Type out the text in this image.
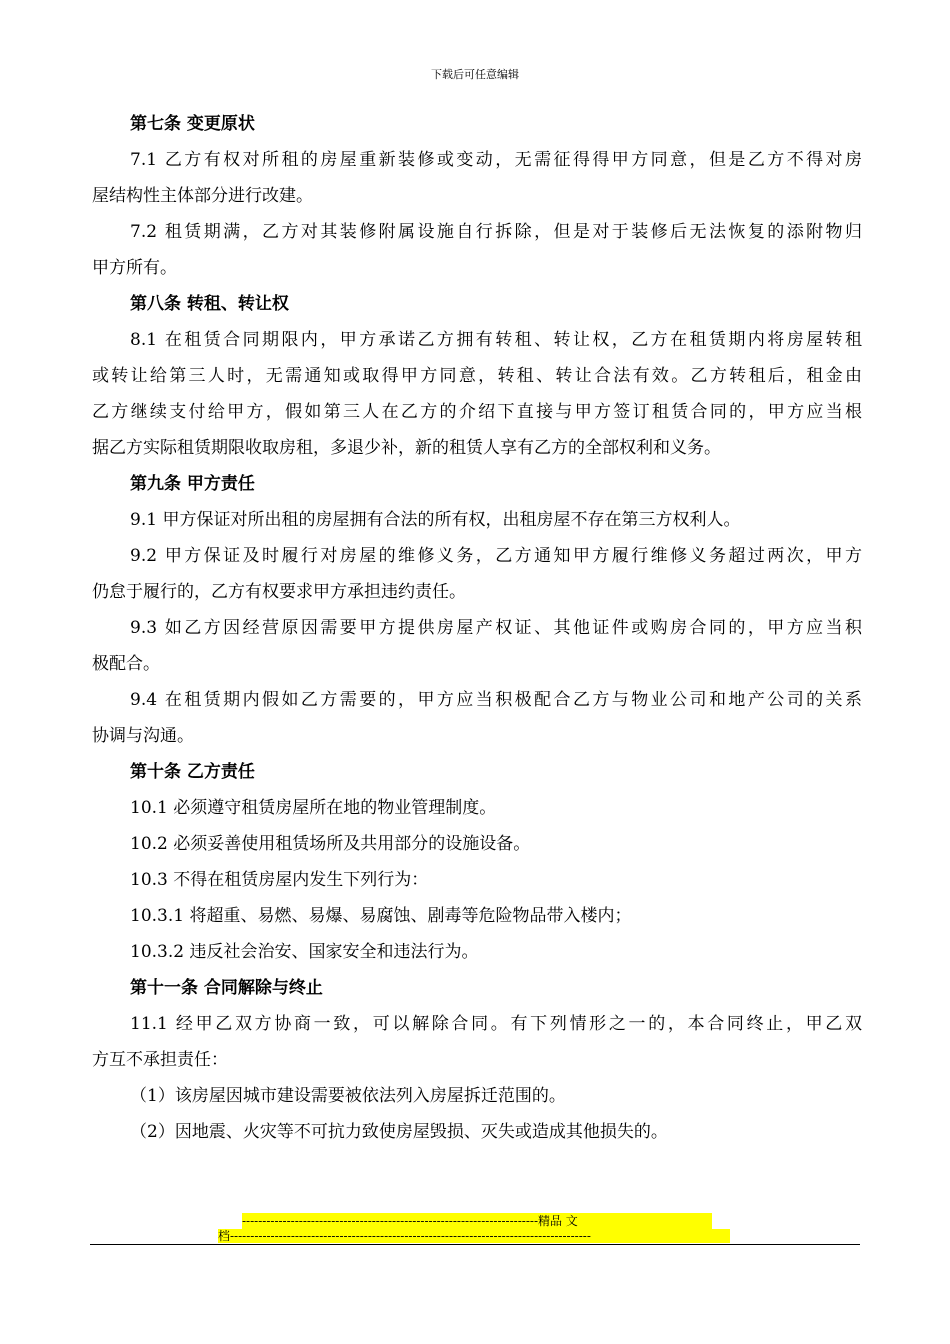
下载后可任意编辑
第七条 变更原状
7.1 乙方有权对所租的房屋重新装修或变动，无需征得得甲方同意，但是乙方不得对房
屋结构性主体部分进行改建。
7.2 租赁期满，乙方对其装修附属设施自行拆除，但是对于装修后无法恢复的添附物归
甲方所有。
第八条 转租、转让权
8.1 在租赁合同期限内，甲方承诺乙方拥有转租、转让权，乙方在租赁期内将房屋转租
或转让给第三人时，无需通知或取得甲方同意，转租、转让合法有效。乙方转租后，租金由
乙方继续支付给甲方，假如第三人在乙方的介绍下直接与甲方签订租赁合同的，甲方应当根
据乙方实际租赁期限收取房租，多退少补，新的租赁人享有乙方的全部权利和义务。
第九条 甲方责任
9.1 甲方保证对所出租的房屋拥有合法的所有权，出租房屋不存在第三方权利人。
9.2 甲方保证及时履行对房屋的维修义务，乙方通知甲方履行维修义务超过两次，甲方
仍怠于履行的，乙方有权要求甲方承担违约责任。
9.3 如乙方因经营原因需要甲方提供房屋产权证、其他证件或购房合同的，甲方应当积
极配合。
9.4 在租赁期内假如乙方需要的，甲方应当积极配合乙方与物业公司和地产公司的关系
协调与沟通。
第十条 乙方责任
10.1 必须遵守租赁房屋所在地的物业管理制度。
10.2 必须妥善使用租赁场所及共用部分的设施设备。
10.3 不得在租赁房屋内发生下列行为：
10.3.1 将超重、易燃、易爆、易腐蚀、剧毒等危险物品带入楼内；
10.3.2 违反社会治安、国家安全和违法行为。
第十一条 合同解除与终止
11.1 经甲乙双方协商一致，可以解除合同。有下列情形之一的，本合同终止，甲乙双
方互不承担责任：
（1）该房屋因城市建设需要被依法列入房屋拆迁范围的。
（2）因地震、火灾等不可抗力致使房屋毁损、灭失或造成其他损失的。
-------------------------------------------------------------------------精品 文
档-----------------------------------------------------------------------------------------
